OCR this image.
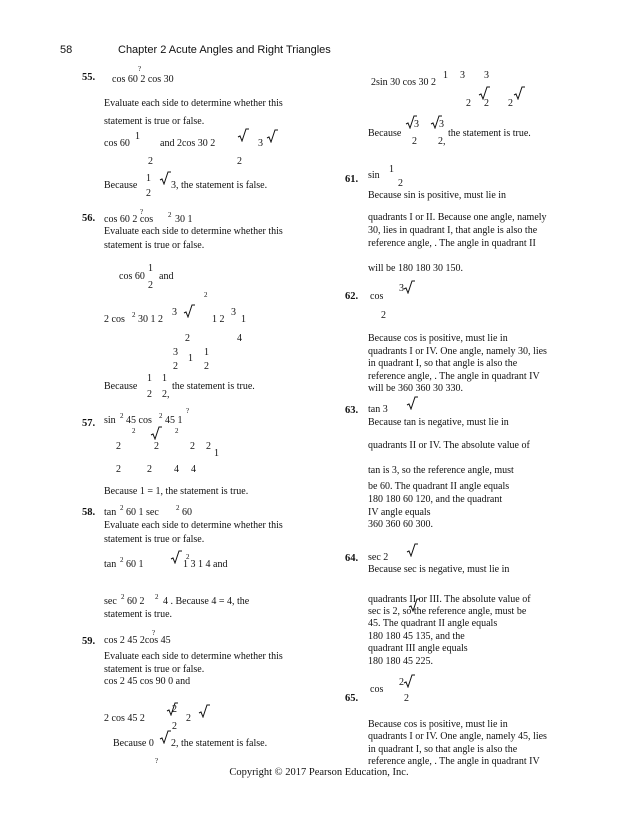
58	Chapter 2 Acute Angles and Right Triangles
55.
?
cos 60 2 cos 30
Evaluate each side to determine whether this
statement is true or false.
cos 60
1
and 2cos 30 2	3
2	2
Because
1
2
3, the statement is false.
?
56. cos 60 2 cos 2 30 1
Evaluate each side to determine whether this
statement is true or false.
cos 60
1
and
2
2
2 cos 2 30 1 2
3
1 2
3
1
2	4
3
1
1
2	2
Because
1 1
2 2,
the statement is true.
?
sin 2 45 cos 2 45 1
57.
2	2
2	2	2 2
1
2	2 4 4
Because 1 = 1, the statement is true.
58. tan 2 60 1 sec 2 60
Evaluate each side to determine whether this
statement is true or false.
2
tan 2 60 1	1 3 1 4 and
sec 2 60 2 2 4 . Because 4 = 4, the
statement is true.
?
59. cos 2 45 2cos 45
Evaluate each side to determine whether this
statement is true or false.
cos 2 45 cos 90 0 and
2 cos 45 2
2
2
2
Because 0 2, the statement is false.
?
2sin 30 cos 30 2
1 3 3
2 2 2
Because
3 3
2 2,
the statement is true.
61. sin
1
2
Because sin is positive, must lie in
quadrants I or II. Because one angle, namely
30, lies in quadrant I, that angle is also the
reference angle, . The angle in quadrant II
will be 180 180 30 150.
62. cos
3
2
Because cos is positive, must lie in
quadrants I or IV. One angle, namely 30, lies
in quadrant I, so that angle is also the
reference angle, . The angle in quadrant IV
will be 360 360 30 330.
63. tan 3
Because tan is negative, must lie in
quadrants II or IV. The absolute value of
tan is 3, so the reference angle, must
be 60. The quadrant II angle equals
180 180 60 120, and the quadrant
IV angle equals
360 360 60 300.
64. sec 2
Because sec is negative, must lie in
quadrants II or III. The absolute value of
sec is 2, so the reference angle, must be
45. The quadrant II angle equals
180 180 45 135, and the
quadrant III angle equals
180 180 45 225.
cos
2
2
65.
Because cos is positive, must lie in
quadrants I or IV. One angle, namely 45, lies
in quadrant I, so that angle is also the
reference angle, . The angle in quadrant IV
Copyright © 2017 Pearson Education, Inc.
